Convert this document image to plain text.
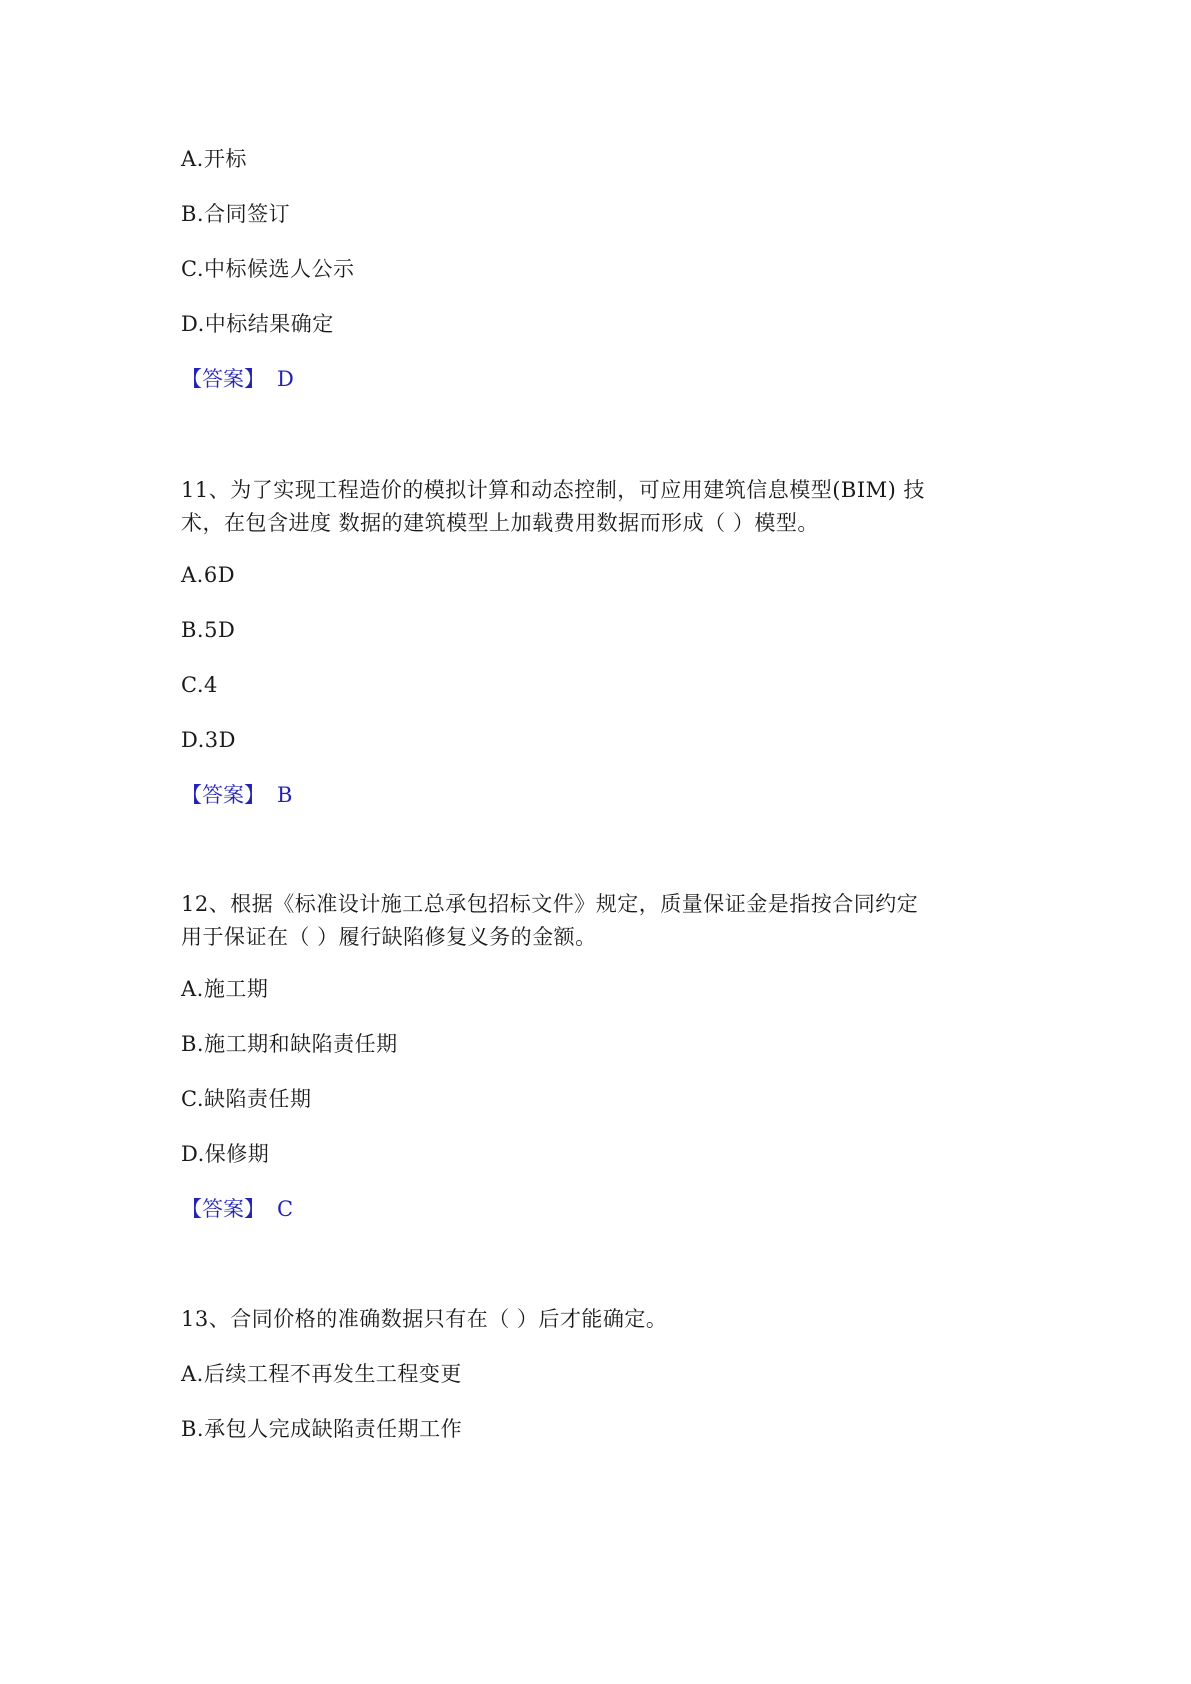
A.开标
B.合同签订
C.中标候选人公示
D.中标结果确定
【答案】 D
11、为了实现工程造价的模拟计算和动态控制，可应用建筑信息模型(BIM) 技
术，在包含进度 数据的建筑模型上加载费用数据而形成（ ）模型。
A.6D
B.5D
C.4
D.3D
【答案】 B
12、根据《标准设计施工总承包招标文件》规定，质量保证金是指按合同约定
用于保证在（ ）履行缺陷修复义务的金额。
A.施工期
B.施工期和缺陷责任期
C.缺陷责任期
D.保修期
【答案】 C
13、合同价格的准确数据只有在（ ）后才能确定。
A.后续工程不再发生工程变更
B.承包人完成缺陷责任期工作
